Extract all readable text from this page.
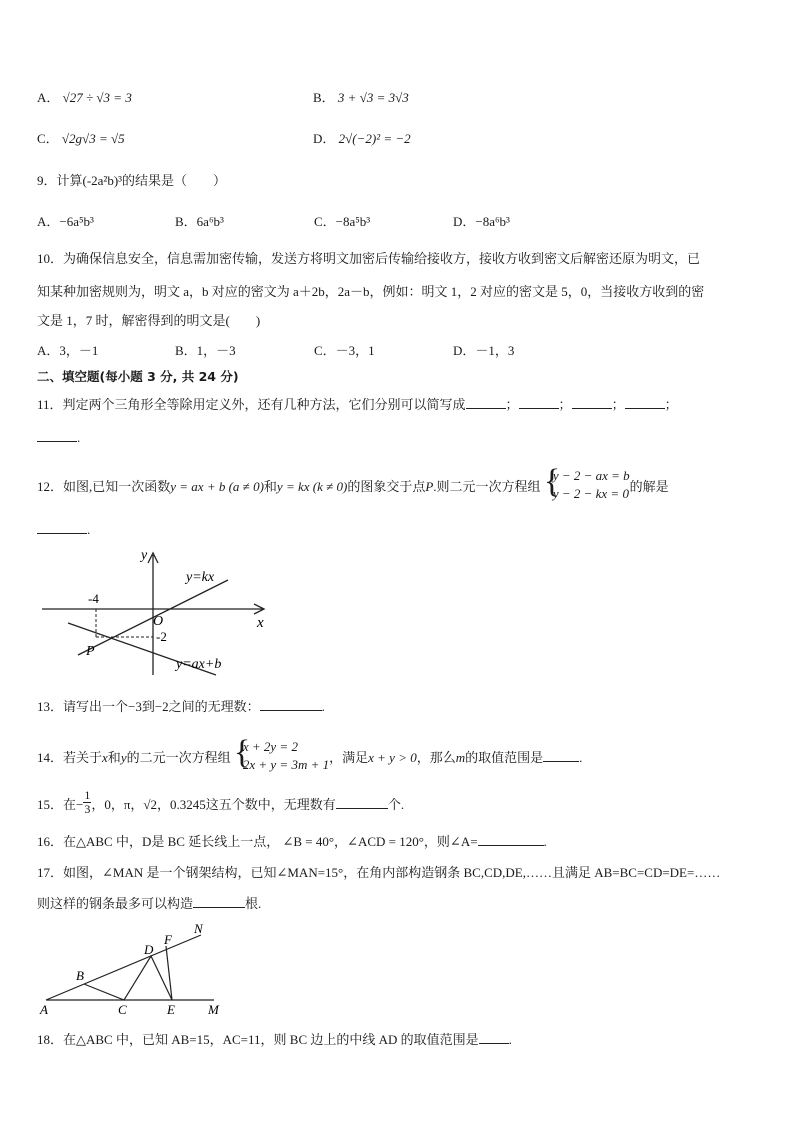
A． √27 ÷ √3 = 3	B． 3 + √3 = 3√3
C． √2g√3 = √5	D． 2√(−2)² = −2
9．计算(-2a²b)³的结果是（　　）
A．−6a⁵b³	B．6a⁶b³	C．−8a⁵b³	D．−8a⁶b³
10．为确保信息安全，信息需加密传输，发送方将明文加密后传输给接收方，接收方收到密文后解密还原为明文，已
知某种加密规则为，明文 a，b 对应的密文为 a＋2b，2a－b，例如：明文 1，2 对应的密文是 5，0，当接收方收到的密
文是 1，7 时，解密得到的明文是(　　)
A．3，－1	B．1，－3	C．－3，1	D．－1，3
二、填空题(每小题 3 分, 共 24 分)
11．判定两个三角形全等除用定义外，还有几种方法，它们分别可以简写成	；	；	；	；
.
12．如图,已知一次函数y = ax + b (a ≠ 0)和y = kx (k ≠ 0)的图象交于点P.则二元一次方程组 {
y − 2 − ax = b
y − 2 − kx = 0 的解是
.
y
x
O
P
-4
-2
y=kx
y=ax+b
13．请写出一个−3到−2之间的无理数：	.
14．若关于x和y的二元一次方程组 {
x + 2y = 2
2x + y = 3m + 1 ，满足x + y > 0，那么m的取值范围是	.
15．在− $\frac{1}{3}$ ，0，π，√2，0.3245这五个数中，无理数有	个.
16．在△ABC 中，D是 BC 延长线上一点， ∠B = 40°，∠ACD = 120°，则∠A=	.
17．如图，∠MAN 是一个钢架结构，已知∠MAN=15°，在角内部构造钢条 BC,CD,DE,……且满足 AB=BC=CD=DE=……
则这样的钢条最多可以构造	根.
A
B
C
D
E
F
M
N
18．在△ABC 中，已知 AB=15，AC=11，则 BC 边上的中线 AD 的取值范围是 .
